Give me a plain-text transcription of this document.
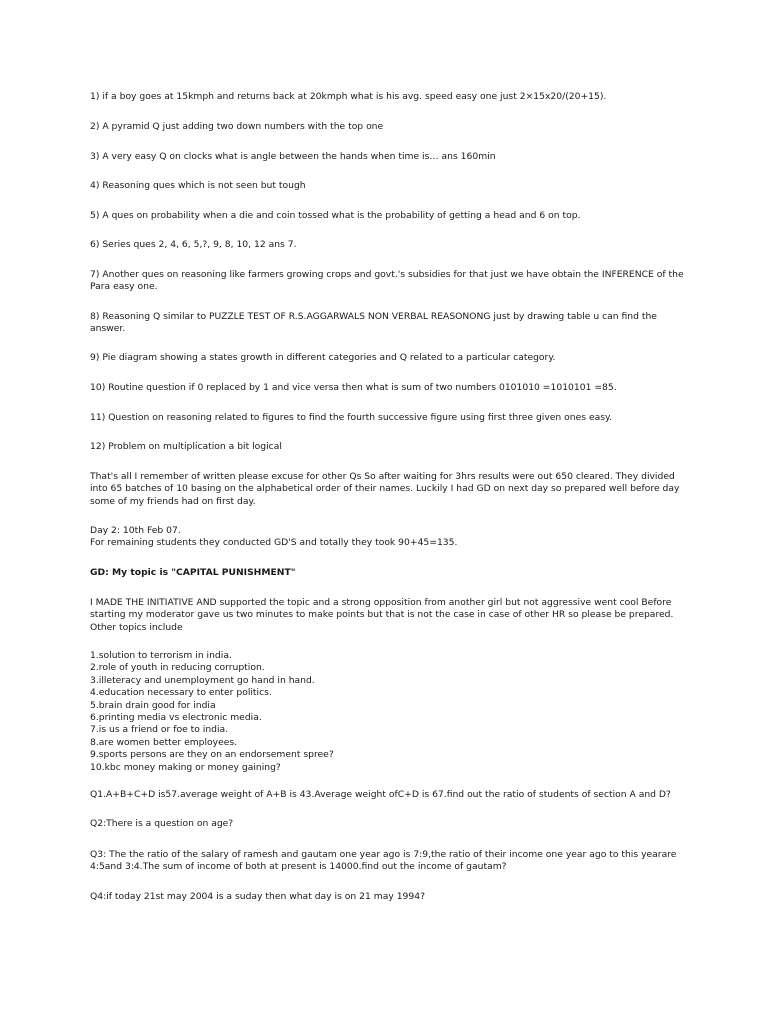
1) if a boy goes at 15kmph and returns back at 20kmph what is his avg. speed easy one just 2×15x20/(20+15).

2) A pyramid Q just adding two down numbers with the top one

3) A very easy Q on clocks what is angle between the hands when time is… ans 160min

4) Reasoning ques which is not seen but tough

5) A ques on probability when a die and coin tossed what is the probability of getting a head and 6 on top.

6) Series ques 2, 4, 6, 5,?, 9, 8, 10, 12 ans 7.

7) Another ques on reasoning like farmers growing crops and govt.'s subsidies for that just we have obtain the INFERENCE of the Para easy one.

8) Reasoning Q similar to PUZZLE TEST OF R.S.AGGARWALS NON VERBAL REASONONG just by drawing table u can find the answer.

9) Pie diagram showing a states growth in different categories and Q related to a particular category.

10) Routine question if 0 replaced by 1 and vice versa then what is sum of two numbers 0101010 =1010101 =85.

11) Question on reasoning related to figures to find the fourth successive figure using first three given ones easy.

12) Problem on multiplication a bit logical

That's all I remember of written please excuse for other Qs So after waiting for 3hrs results were out 650 cleared. They divided into 65 batches of 10 basing on the alphabetical order of their names. Luckily I had GD on next day so prepared well before day some of my friends had on first day.

Day 2: 10th Feb 07.
For remaining students they conducted GD'S and totally they took 90+45=135.

GD: My topic is "CAPITAL PUNISHMENT"

I MADE THE INITIATIVE AND supported the topic and a strong opposition from another girl but not aggressive went cool Before starting my moderator gave us two minutes to make points but that is not the case in case of other HR so please be prepared. Other topics include

1.solution to terrorism in india.
2.role of youth in reducing corruption.
3.illeteracy and unemployment go hand in hand.
4.education necessary to enter politics.
5.brain drain good for india
6.printing media vs electronic media.
7.is us a friend or foe to india.
8.are women better employees.
9.sports persons are they on an endorsement spree?
10.kbc money making or money gaining?

Q1.A+B+C+D is57.average weight of A+B is 43.Average weight ofC+D is 67.find out the ratio of students of section A and D?

Q2:There is a question on age?

Q3: The the ratio of the salary of ramesh and gautam one year ago is 7:9,the ratio of their income one year ago to this yearare 4:5and 3:4.The sum of income of both at present is 14000.find out the income of gautam?

Q4:if today 21st may 2004 is a suday then what day is on 21 may 1994?
